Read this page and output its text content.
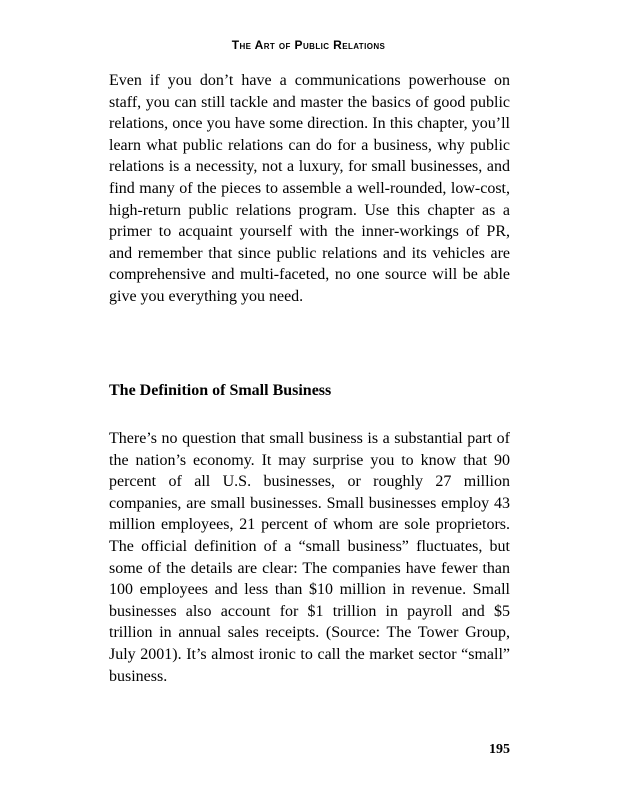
The Art of Public Relations

Even if you don’t have a communications powerhouse on staff, you can still tackle and master the basics of good public relations, once you have some direction. In this chapter, you’ll learn what public relations can do for a business, why public relations is a necessity, not a luxury, for small businesses, and find many of the pieces to assemble a well-rounded, low-cost, high-return public relations program. Use this chapter as a primer to acquaint yourself with the inner-workings of PR, and remember that since public relations and its vehicles are comprehensive and multi-faceted, no one source will be able give you everything you need.

The Definition of Small Business

There’s no question that small business is a substantial part of the nation’s economy. It may surprise you to know that 90 percent of all U.S. businesses, or roughly 27 million companies, are small businesses. Small businesses employ 43 million employees, 21 percent of whom are sole proprietors. The official definition of a “small business” fluctuates, but some of the details are clear: The companies have fewer than 100 employees and less than $10 million in revenue. Small businesses also account for $1 trillion in payroll and $5 trillion in annual sales receipts. (Source: The Tower Group, July 2001). It’s almost ironic to call the market sector “small” business.

195
